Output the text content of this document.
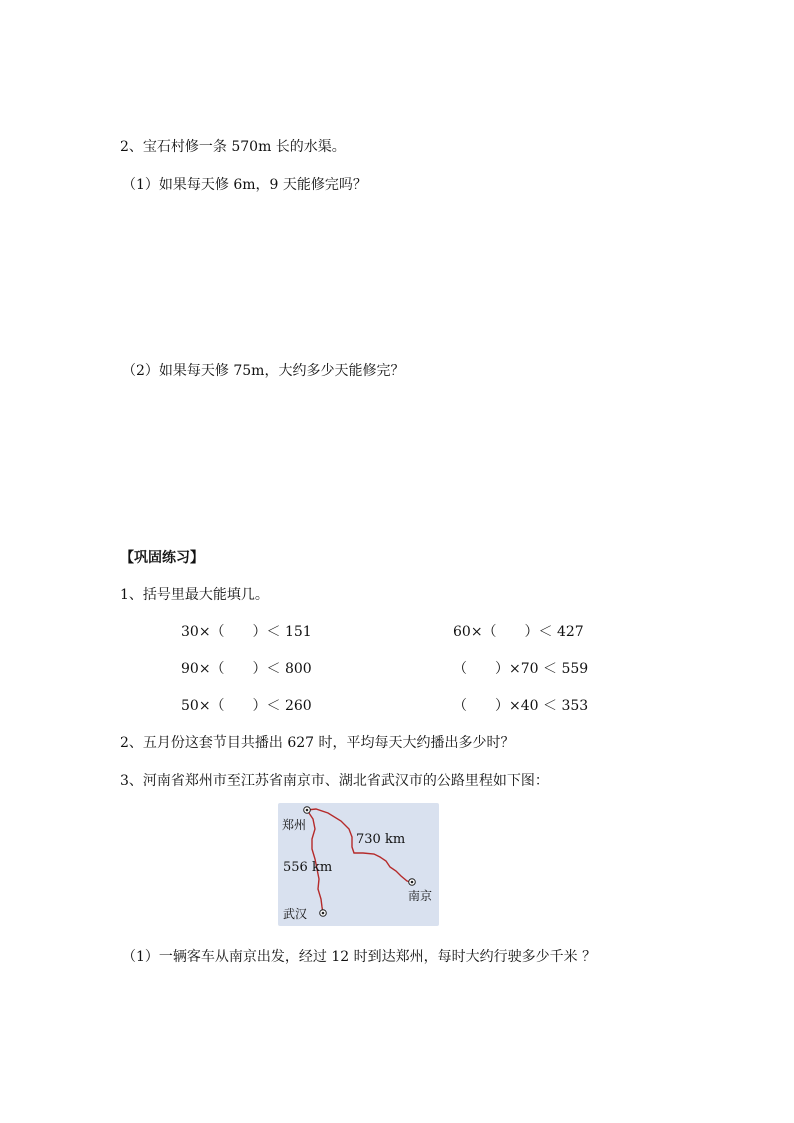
2、宝石村修一条 570m 长的水渠。
（1）如果每天修 6m，9 天能修完吗？
（2）如果每天修 75m，大约多少天能修完？
【巩固练习】
1、括号里最大能填几。
30×（　　）＜ 151	60×（　　）＜ 427
90×（　　）＜ 800	（　　）×70 ＜ 559
50×（　　）＜ 260	（　　）×40 ＜ 353
2、五月份这套节目共播出 627 时，平均每天大约播出多少时？
3、河南省郑州市至江苏省南京市、湖北省武汉市的公路里程如下图：
郑州
南京
武汉
730 km
556 km
（1）一辆客车从南京出发，经过 12 时到达郑州，每时大约行驶多少千米 ？
